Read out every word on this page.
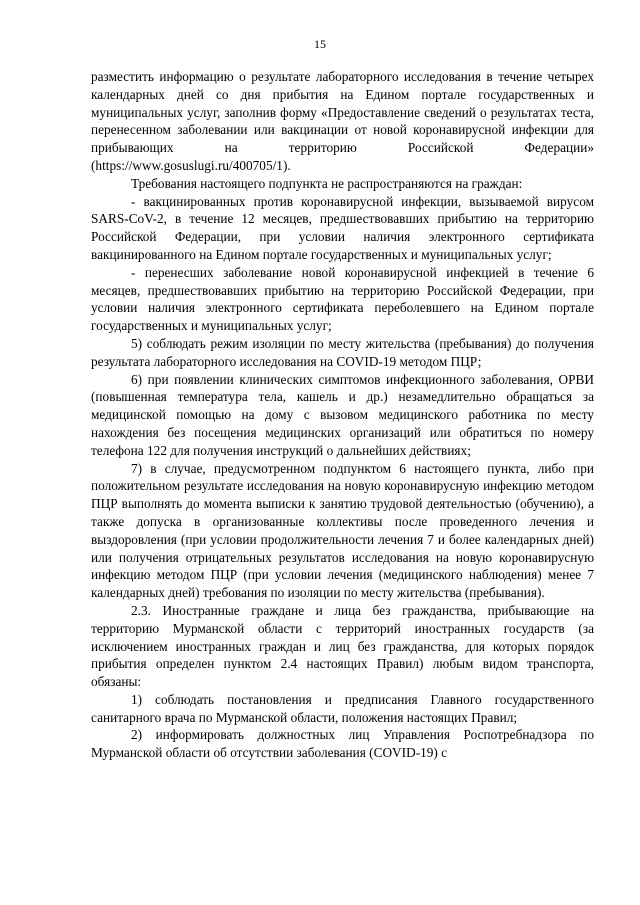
15

разместить информацию о результате лабораторного исследования в течение четырех календарных дней со дня прибытия на Едином портале государственных и муниципальных услуг, заполнив форму «Предоставление сведений о результатах теста, перенесенном заболевании или вакцинации от новой коронавирусной инфекции для прибывающих на территорию Российской Федерации» (https://www.gosuslugi.ru/400705/1).

Требования настоящего подпункта не распространяются на граждан:

- вакцинированных против коронавирусной инфекции, вызываемой вирусом SARS-CoV-2, в течение 12 месяцев, предшествовавших прибытию на территорию Российской Федерации, при условии наличия электронного сертификата вакцинированного на Едином портале государственных и муниципальных услуг;

- перенесших заболевание новой коронавирусной инфекцией в течение 6 месяцев, предшествовавших прибытию на территорию Российской Федерации, при условии наличия электронного сертификата переболевшего на Едином портале государственных и муниципальных услуг;

5) соблюдать режим изоляции по месту жительства (пребывания) до получения результата лабораторного исследования на COVID-19 методом ПЦР;

6) при появлении клинических симптомов инфекционного заболевания, ОРВИ (повышенная температура тела, кашель и др.) незамедлительно обращаться за медицинской помощью на дому с вызовом медицинского работника по месту нахождения без посещения медицинских организаций или обратиться по номеру телефона 122 для получения инструкций о дальнейших действиях;

7) в случае, предусмотренном подпунктом 6 настоящего пункта, либо при положительном результате исследования на новую коронавирусную инфекцию методом ПЦР выполнять до момента выписки к занятию трудовой деятельностью (обучению), а также допуска в организованные коллективы после проведенного лечения и выздоровления (при условии продолжительности лечения 7 и более календарных дней) или получения отрицательных результатов исследования на новую коронавирусную инфекцию методом ПЦР (при условии лечения (медицинского наблюдения) менее 7 календарных дней) требования по изоляции по месту жительства (пребывания).

2.3. Иностранные граждане и лица без гражданства, прибывающие на территорию Мурманской области с территорий иностранных государств (за исключением иностранных граждан и лиц без гражданства, для которых порядок прибытия определен пунктом 2.4 настоящих Правил) любым видом транспорта, обязаны:

1) соблюдать постановления и предписания Главного государственного санитарного врача по Мурманской области, положения настоящих Правил;

2) информировать должностных лиц Управления Роспотребнадзора по Мурманской области об отсутствии заболевания (COVID-19) с
